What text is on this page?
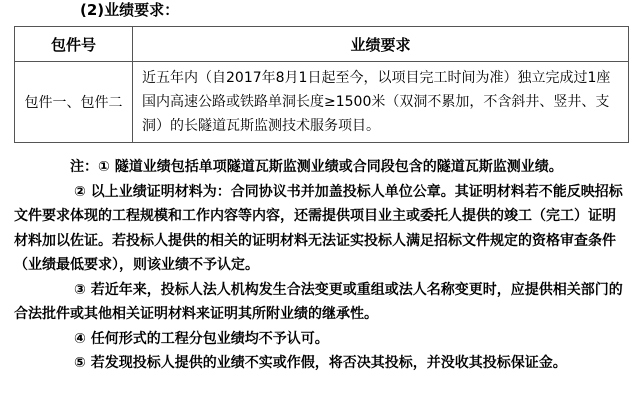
(2)业绩要求：
包件号	业绩要求
包件一、包件二	近五年内（自2017年8月1日起至今，以项目完工时间为准）独立完成过1座国内高速公路或铁路单洞长度≥1500米（双洞不累加，不含斜井、竖井、支洞）的长隧道瓦斯监测技术服务项目。

注：① 隧道业绩包括单项隧道瓦斯监测业绩或合同段包含的隧道瓦斯监测业绩。

② 以上业绩证明材料为：合同协议书并加盖投标人单位公章。其证明材料若不能反映招标文件要求体现的工程规模和工作内容等内容，还需提供项目业主或委托人提供的竣工（完工）证明材料加以佐证。若投标人提供的相关的证明材料无法证实投标人满足招标文件规定的资格审查条件（业绩最低要求），则该业绩不予认定。

③ 若近年来，投标人法人机构发生合法变更或重组或法人名称变更时，应提供相关部门的合法批件或其他相关证明材料来证明其所附业绩的继承性。

④ 任何形式的工程分包业绩均不予认可。

⑤ 若发现投标人提供的业绩不实或作假，将否决其投标，并没收其投标保证金。
